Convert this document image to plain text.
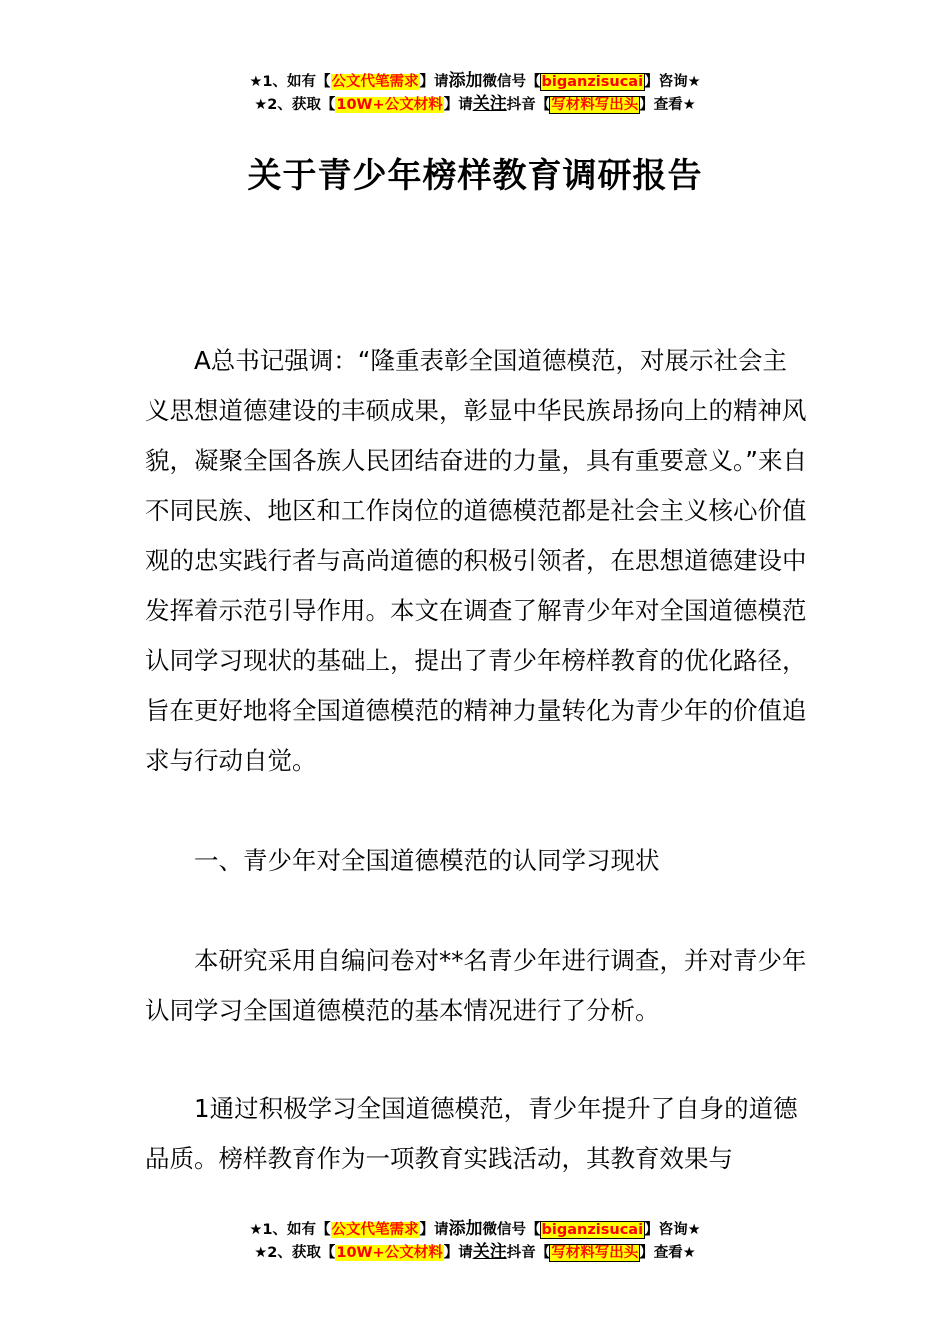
★1、如有【公文代笔需求】请添加微信号【biganzisucai】咨询★
★2、获取【10W+公文材料】请关注抖音【写材料写出头】查看★
关于青少年榜样教育调研报告

A总书记强调：“隆重表彰全国道德模范，对展示社会主义思想道德建设的丰硕成果，彰显中华民族昂扬向上的精神风貌，凝聚全国各族人民团结奋进的力量，具有重要意义。”来自不同民族、地区和工作岗位的道德模范都是社会主义核心价值观的忠实践行者与高尚道德的积极引领者，在思想道德建设中发挥着示范引导作用。本文在调查了解青少年对全国道德模范认同学习现状的基础上，提出了青少年榜样教育的优化路径，旨在更好地将全国道德模范的精神力量转化为青少年的价值追求与行动自觉。

一、青少年对全国道德模范的认同学习现状

本研究采用自编问卷对**名青少年进行调查，并对青少年认同学习全国道德模范的基本情况进行了分析。

1通过积极学习全国道德模范，青少年提升了自身的道德品质。榜样教育作为一项教育实践活动，其教育效果与

★1、如有【公文代笔需求】请添加微信号【biganzisucai】咨询★
★2、获取【10W+公文材料】请关注抖音【写材料写出头】查看★
